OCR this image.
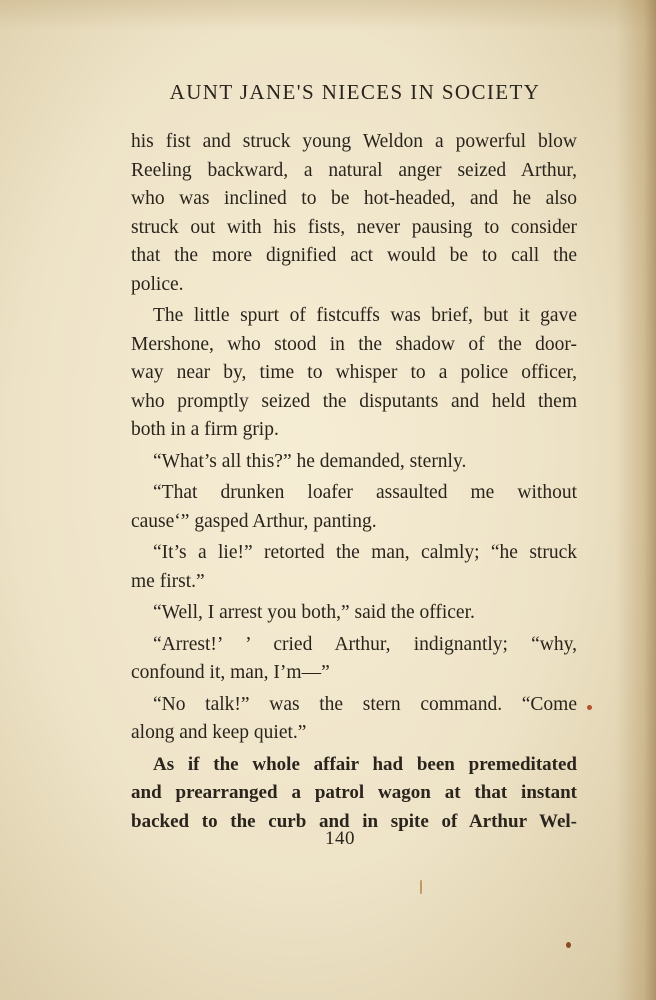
AUNT JANE'S NIECES IN SOCIETY
his fist and struck young Weldon a powerful blow
Reeling backward, a natural anger seized Arthur,
who was inclined to be hot-headed, and he also
struck out with his fists, never pausing to consider
that the more dignified act would be to call the
police.
The little spurt of fistcuffs was brief, but it gave
Mershone, who stood in the shadow of the door-
way near by, time to whisper to a police officer,
who promptly seized the disputants and held them
both in a firm grip.
“What’s all this?” he demanded, sternly.
“That drunken loafer assaulted me without
cause‘” gasped Arthur, panting.
“It’s a lie!” retorted the man, calmly; “he struck
me first.”
“Well, I arrest you both,” said the officer.
“Arrest!’ ’ cried Arthur, indignantly; “why,
confound it, man, I’m—”
“No talk!” was the stern command. “Come
along and keep quiet.”
As if the whole affair had been premeditated
and prearranged a patrol wagon at that instant
backed to the curb and in spite of Arthur Wel-
140
